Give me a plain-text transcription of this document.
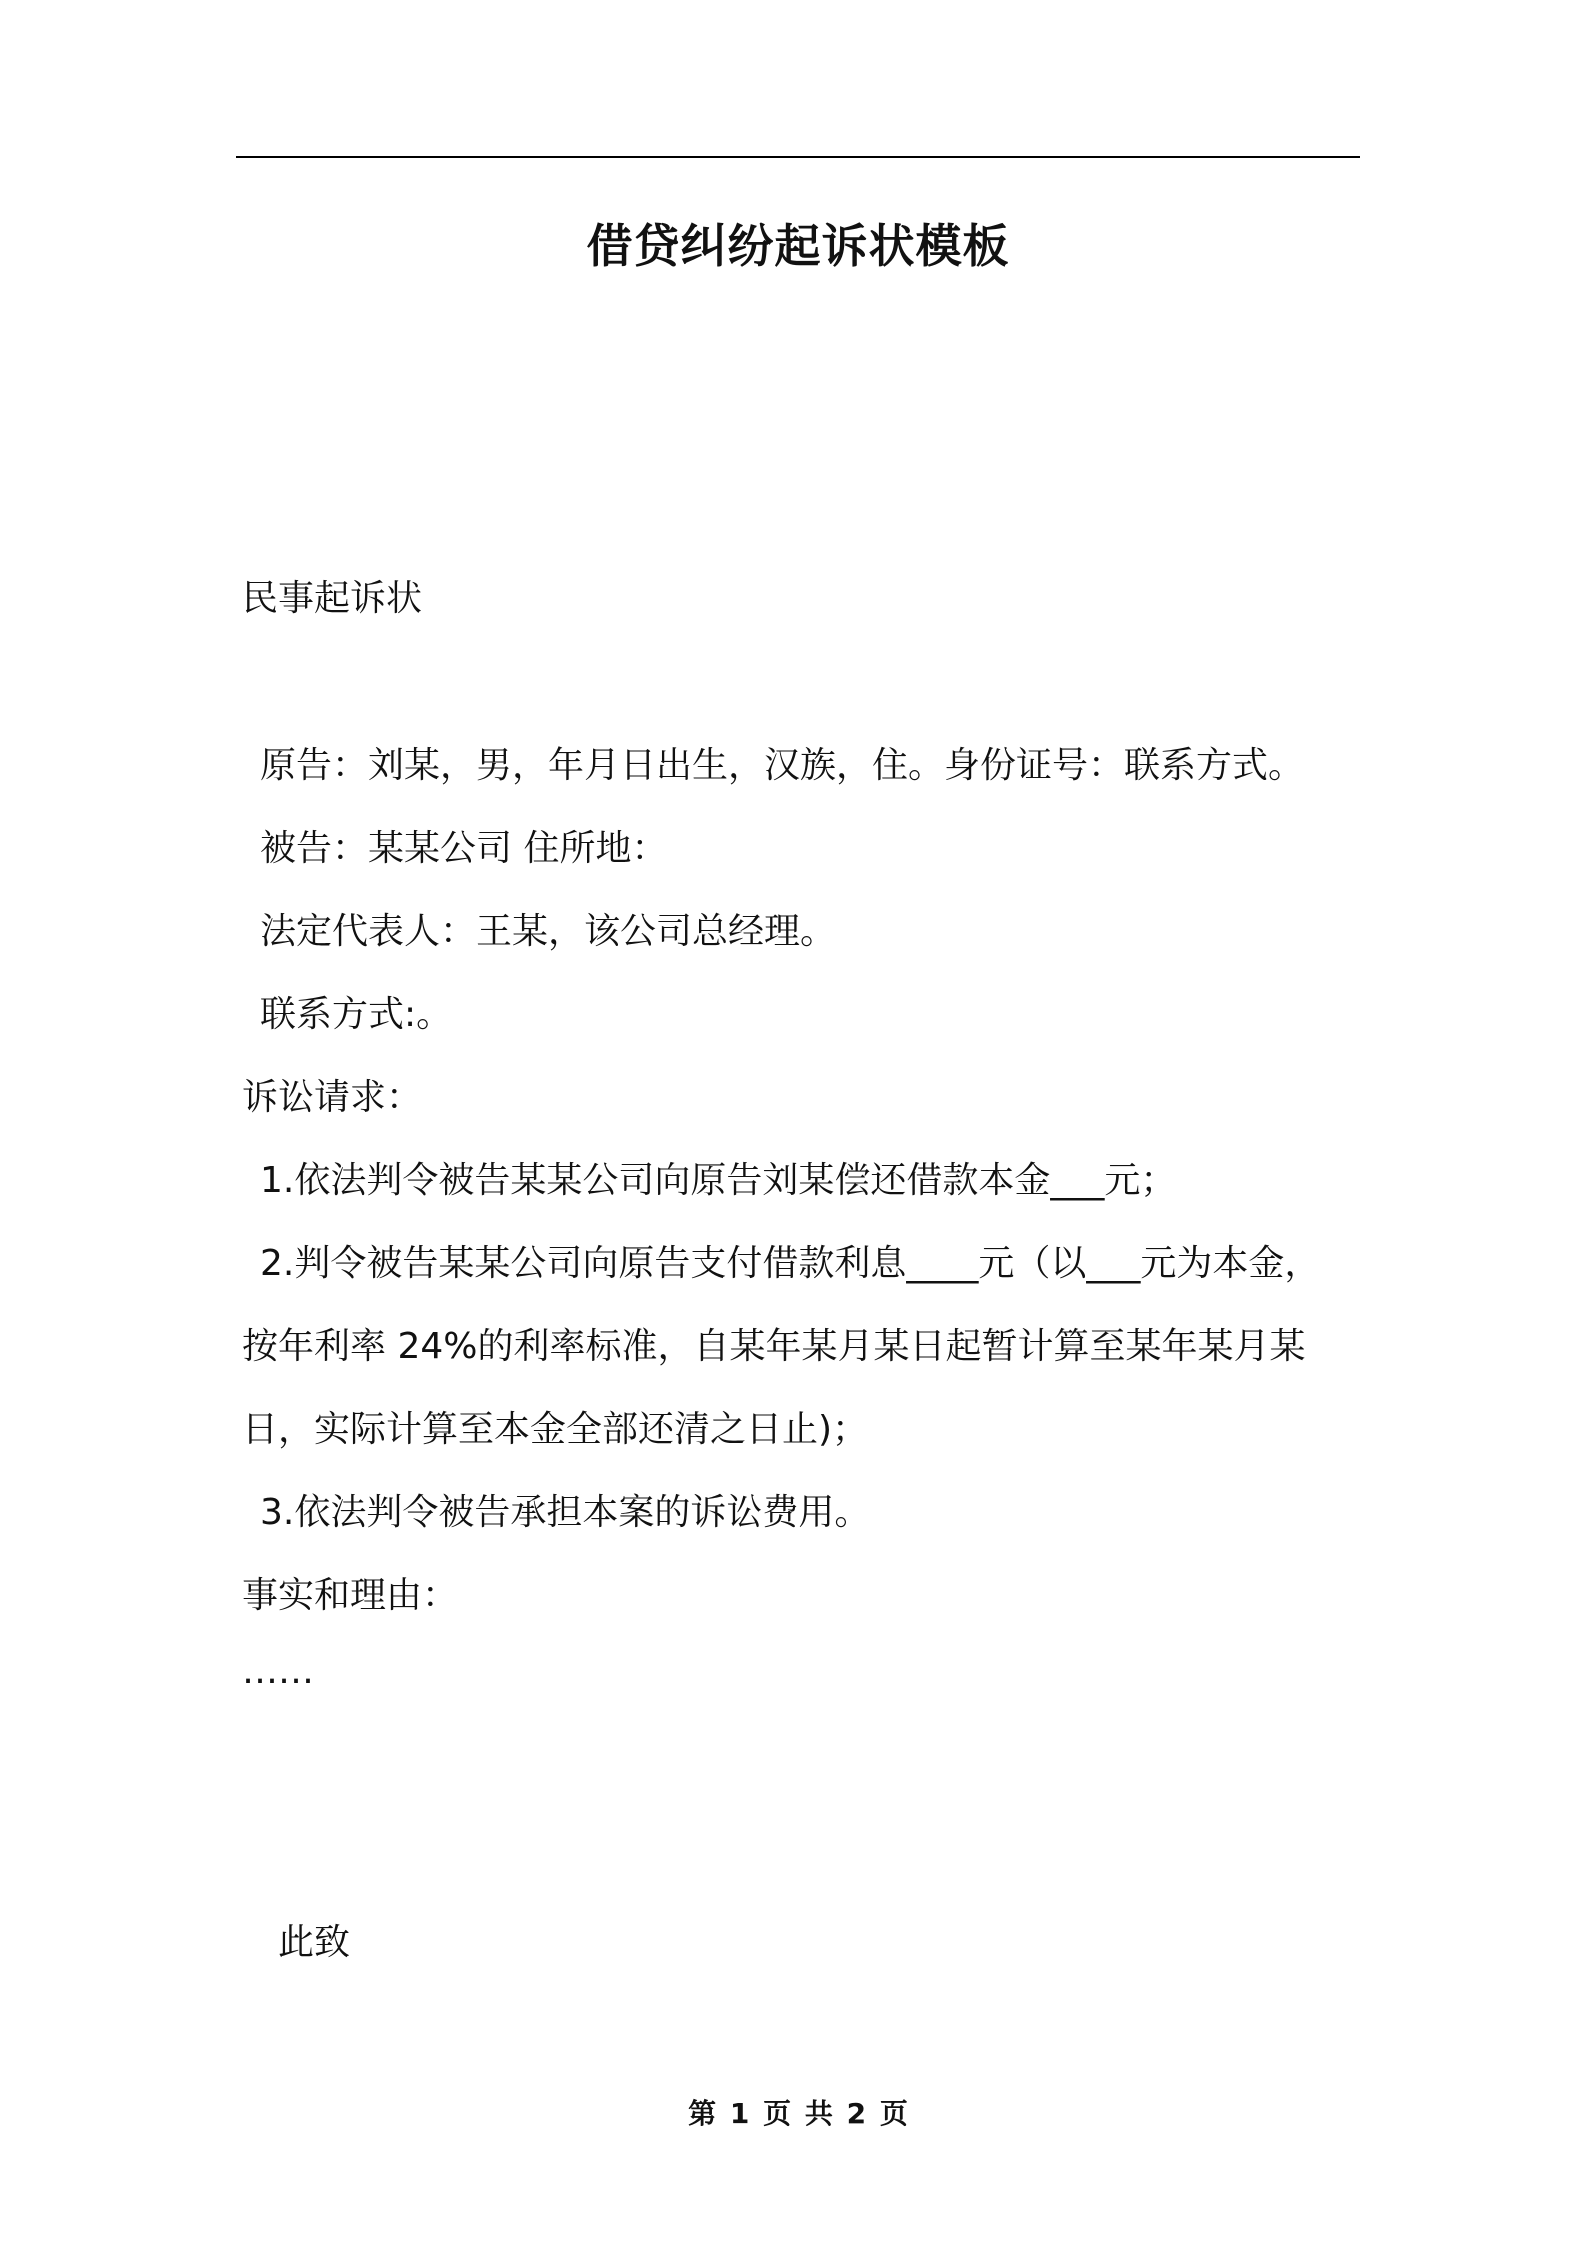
借贷纠纷起诉状模板
民事起诉状
原告：刘某，男，年月日出生，汉族，住。身份证号：联系方式。
被告：某某公司 住所地：
法定代表人：王某，该公司总经理。
联系方式:。
诉讼请求：
1.依法判令被告某某公司向原告刘某偿还借款本金___元；
2.判令被告某某公司向原告支付借款利息____元（以___元为本金，
按年利率 24%的利率标准，自某年某月某日起暂计算至某年某月某
日，实际计算至本金全部还清之日止)；
3.依法判令被告承担本案的诉讼费用。
事实和理由：
……
此致
第 1 页 共 2 页
